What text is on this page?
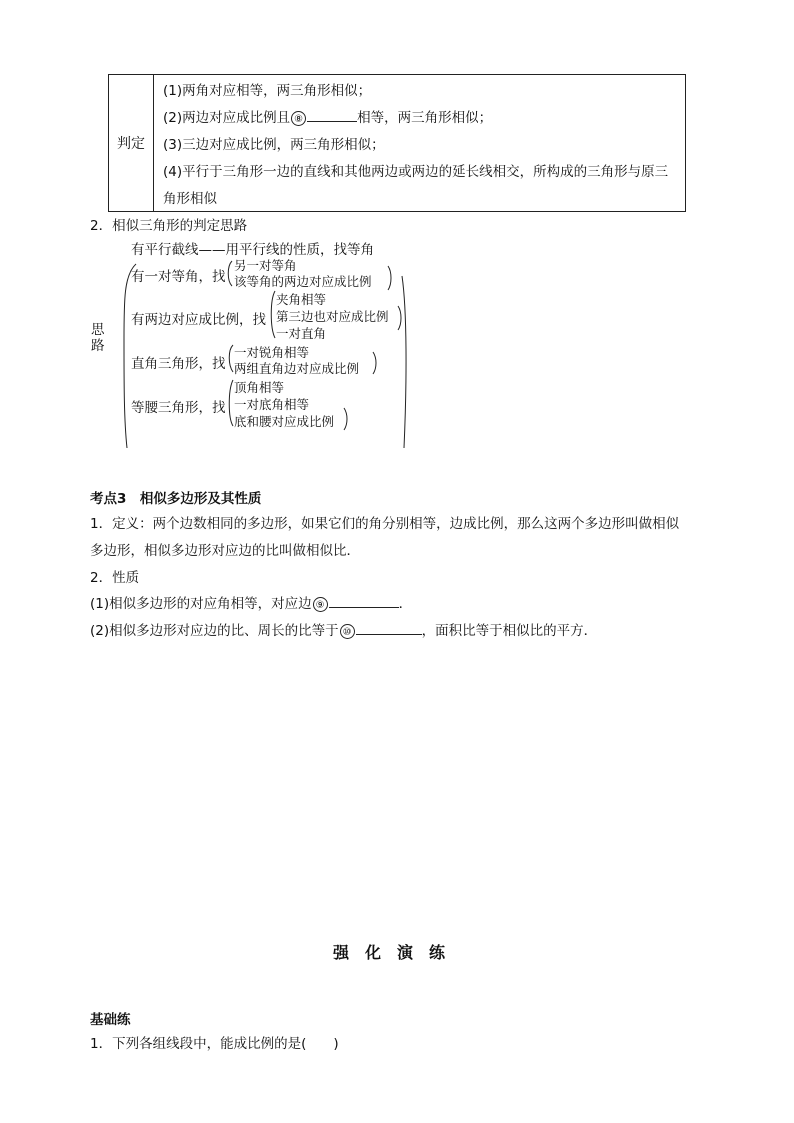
判定
(1)两角对应相等，两三角形相似；
(2)两边对应成比例且 ⑧	相等，两三角形相似；
(3)三边对应成比例，两三角形相似；
(4)平行于三角形一边的直线和其他两边或两边的延长线相交，所构成的三角形与原三
角形相似
2．相似三角形的判定思路
思
路
有平行截线——用平行线的性质，找等角
有一对等角，找
另一对等角
该等角的两边对应成比例
有两边对应成比例，找
夹角相等
第三边也对应成比例
一对直角
直角三角形，找
一对锐角相等
两组直角边对应成比例
等腰三角形，找
顶角相等
一对底角相等
底和腰对应成比例
考点3　相似多边形及其性质
1．定义：两个边数相同的多边形，如果它们的角分别相等，边成比例，那么这两个多边形叫做相似
多边形，相似多边形对应边的比叫做相似比．
2．性质
(1)相似多边形的对应角相等，对应边 ⑨	．
(2)相似多边形对应边的比、周长的比等于 ⑩	，面积比等于相似比的平方．
强化演练
基础练
1．下列各组线段中，能成比例的是(　　)
